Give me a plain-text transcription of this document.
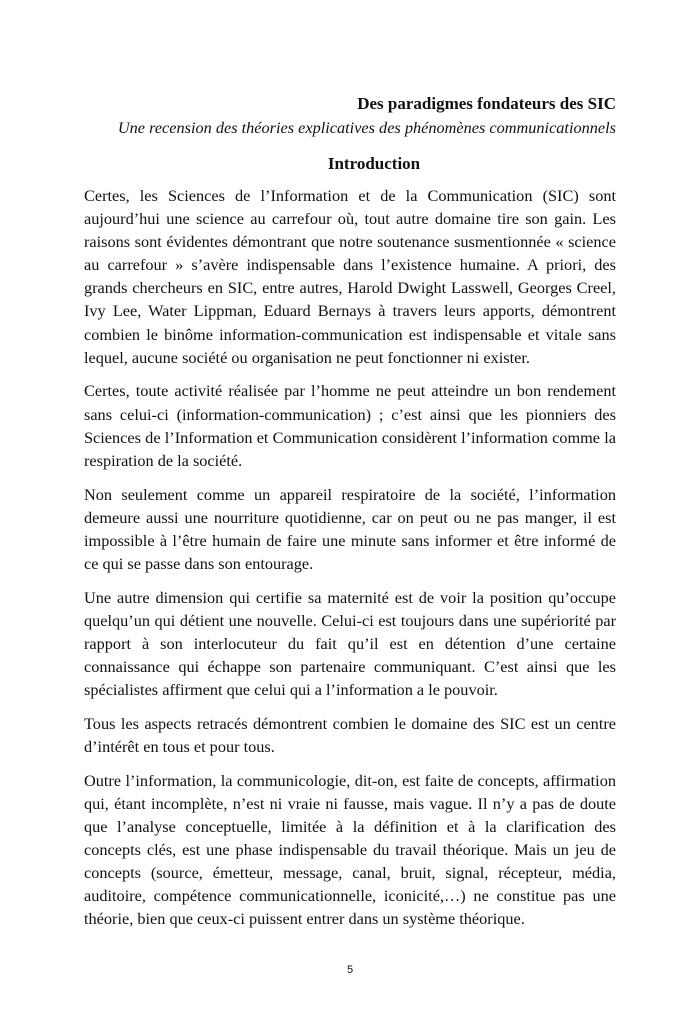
Des paradigmes fondateurs des SIC
Une recension des théories explicatives des phénomènes communicationnels
Introduction

Certes, les Sciences de l’Information et de la Communication (SIC) sont aujourd’hui une science au carrefour où, tout autre domaine tire son gain. Les raisons sont évidentes démontrant que notre soutenance susmentionnée « science au carrefour » s’avère indispensable dans l’existence humaine. A priori, des grands chercheurs en SIC, entre autres, Harold Dwight Lasswell, Georges Creel, Ivy Lee, Water Lippman, Eduard Bernays à travers leurs apports, démontrent combien le binôme information-communication est indispensable et vitale sans lequel, aucune société ou organisation ne peut fonctionner ni exister.

Certes, toute activité réalisée par l’homme ne peut atteindre un bon rendement sans celui-ci (information-communication) ; c’est ainsi que les pionniers des Sciences de l’Information et Communication considèrent l’information comme la respiration de la société.

Non seulement comme un appareil respiratoire de la société, l’information demeure aussi une nourriture quotidienne, car on peut ou ne pas manger, il est impossible à l’être humain de faire une minute sans informer et être informé de ce qui se passe dans son entourage.

Une autre dimension qui certifie sa maternité est de voir la position qu’occupe quelqu’un qui détient une nouvelle. Celui-ci est toujours dans une supériorité par rapport à son interlocuteur du fait qu’il est en détention d’une certaine connaissance qui échappe son partenaire communiquant. C’est ainsi que les spécialistes affirment que celui qui a l’information a le pouvoir.

Tous les aspects retracés démontrent combien le domaine des SIC est un centre d’intérêt en tous et pour tous.

Outre l’information, la communicologie, dit-on, est faite de concepts, affirmation qui, étant incomplète, n’est ni vraie ni fausse, mais vague. Il n’y a pas de doute que l’analyse conceptuelle, limitée à la définition et à la clarification des concepts clés, est une phase indispensable du travail théorique. Mais un jeu de concepts (source, émetteur, message, canal, bruit, signal, récepteur, média, auditoire, compétence communicationnelle, iconicité,…) ne constitue pas une théorie, bien que ceux-ci puissent entrer dans un système théorique.

5
